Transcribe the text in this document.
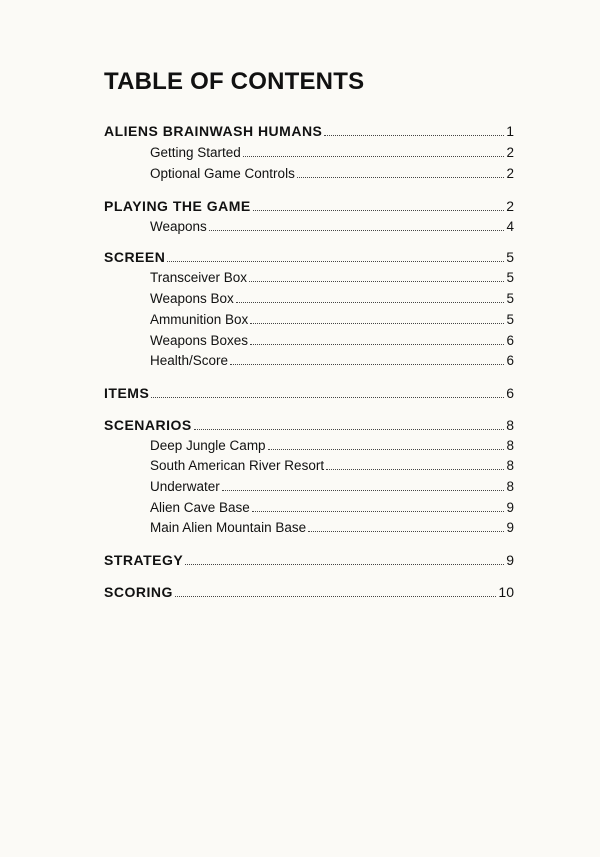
TABLE OF CONTENTS
ALIENS BRAINWASH HUMANS	1
Getting Started	2
Optional Game Controls	2
PLAYING THE GAME	2
Weapons	4
SCREEN	5
Transceiver Box	5
Weapons Box	5
Ammunition Box	5
Weapons Boxes	6
Health/Score	6
ITEMS	6
SCENARIOS	8
Deep Jungle Camp	8
South American River Resort	8
Underwater	8
Alien Cave Base	9
Main Alien Mountain Base	9
STRATEGY	9
SCORING	10
